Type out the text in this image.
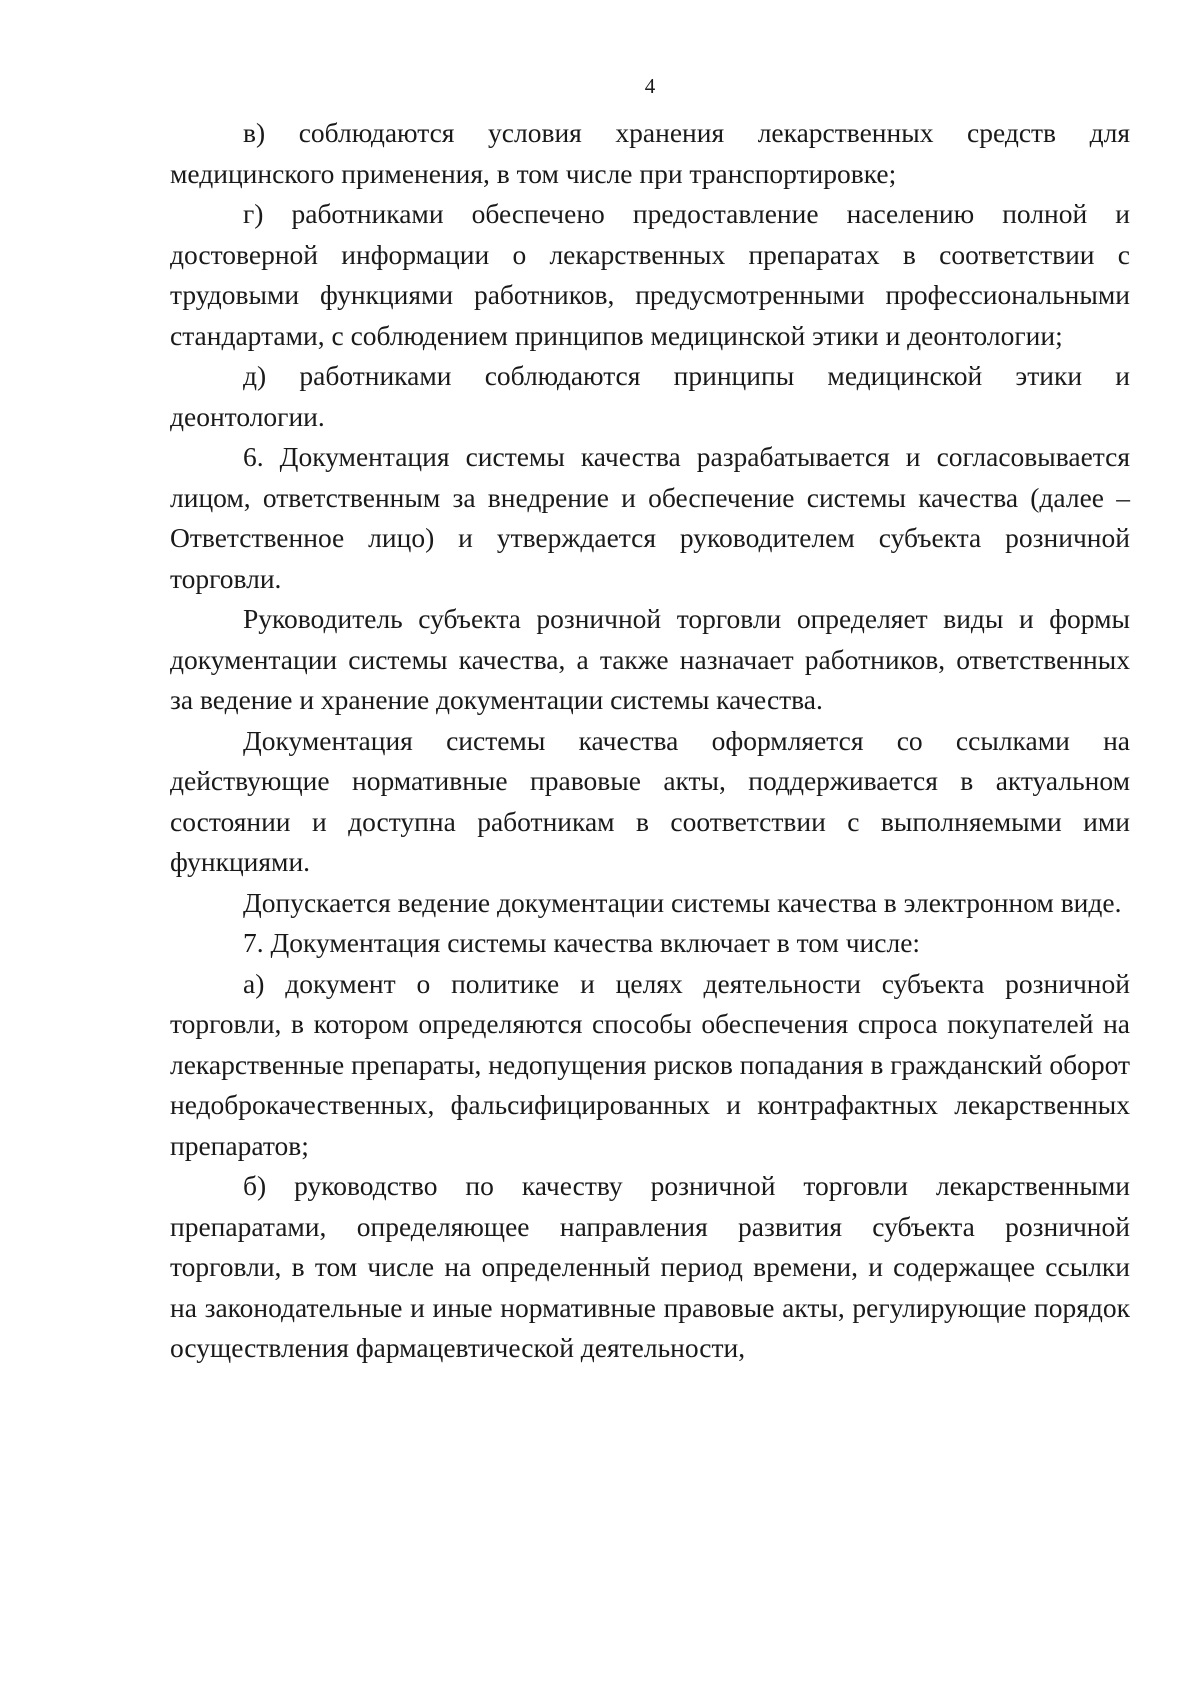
4

в) соблюдаются условия хранения лекарственных средств для медицинского применения, в том числе при транспортировке;

г) работниками обеспечено предоставление населению полной и достоверной информации о лекарственных препаратах в соответствии с трудовыми функциями работников, предусмотренными профессиональными стандартами, с соблюдением принципов медицинской этики и деонтологии;

д) работниками соблюдаются принципы медицинской этики и деонтологии.

6. Документация системы качества разрабатывается и согласовывается лицом, ответственным за внедрение и обеспечение системы качества (далее – Ответственное лицо) и утверждается руководителем субъекта розничной торговли.

Руководитель субъекта розничной торговли определяет виды и формы документации системы качества, а также назначает работников, ответственных за ведение и хранение документации системы качества.

Документация системы качества оформляется со ссылками на действующие нормативные правовые акты, поддерживается в актуальном состоянии и доступна работникам в соответствии с выполняемыми ими функциями.

Допускается ведение документации системы качества в электронном виде.

7. Документация системы качества включает в том числе:

а) документ о политике и целях деятельности субъекта розничной торговли, в котором определяются способы обеспечения спроса покупателей на лекарственные препараты, недопущения рисков попадания в гражданский оборот недоброкачественных, фальсифицированных и контрафактных лекарственных препаратов;

б) руководство по качеству розничной торговли лекарственными препаратами, определяющее направления развития субъекта розничной торговли, в том числе на определенный период времени, и содержащее ссылки на законодательные и иные нормативные правовые акты, регулирующие порядок осуществления фармацевтической деятельности,
